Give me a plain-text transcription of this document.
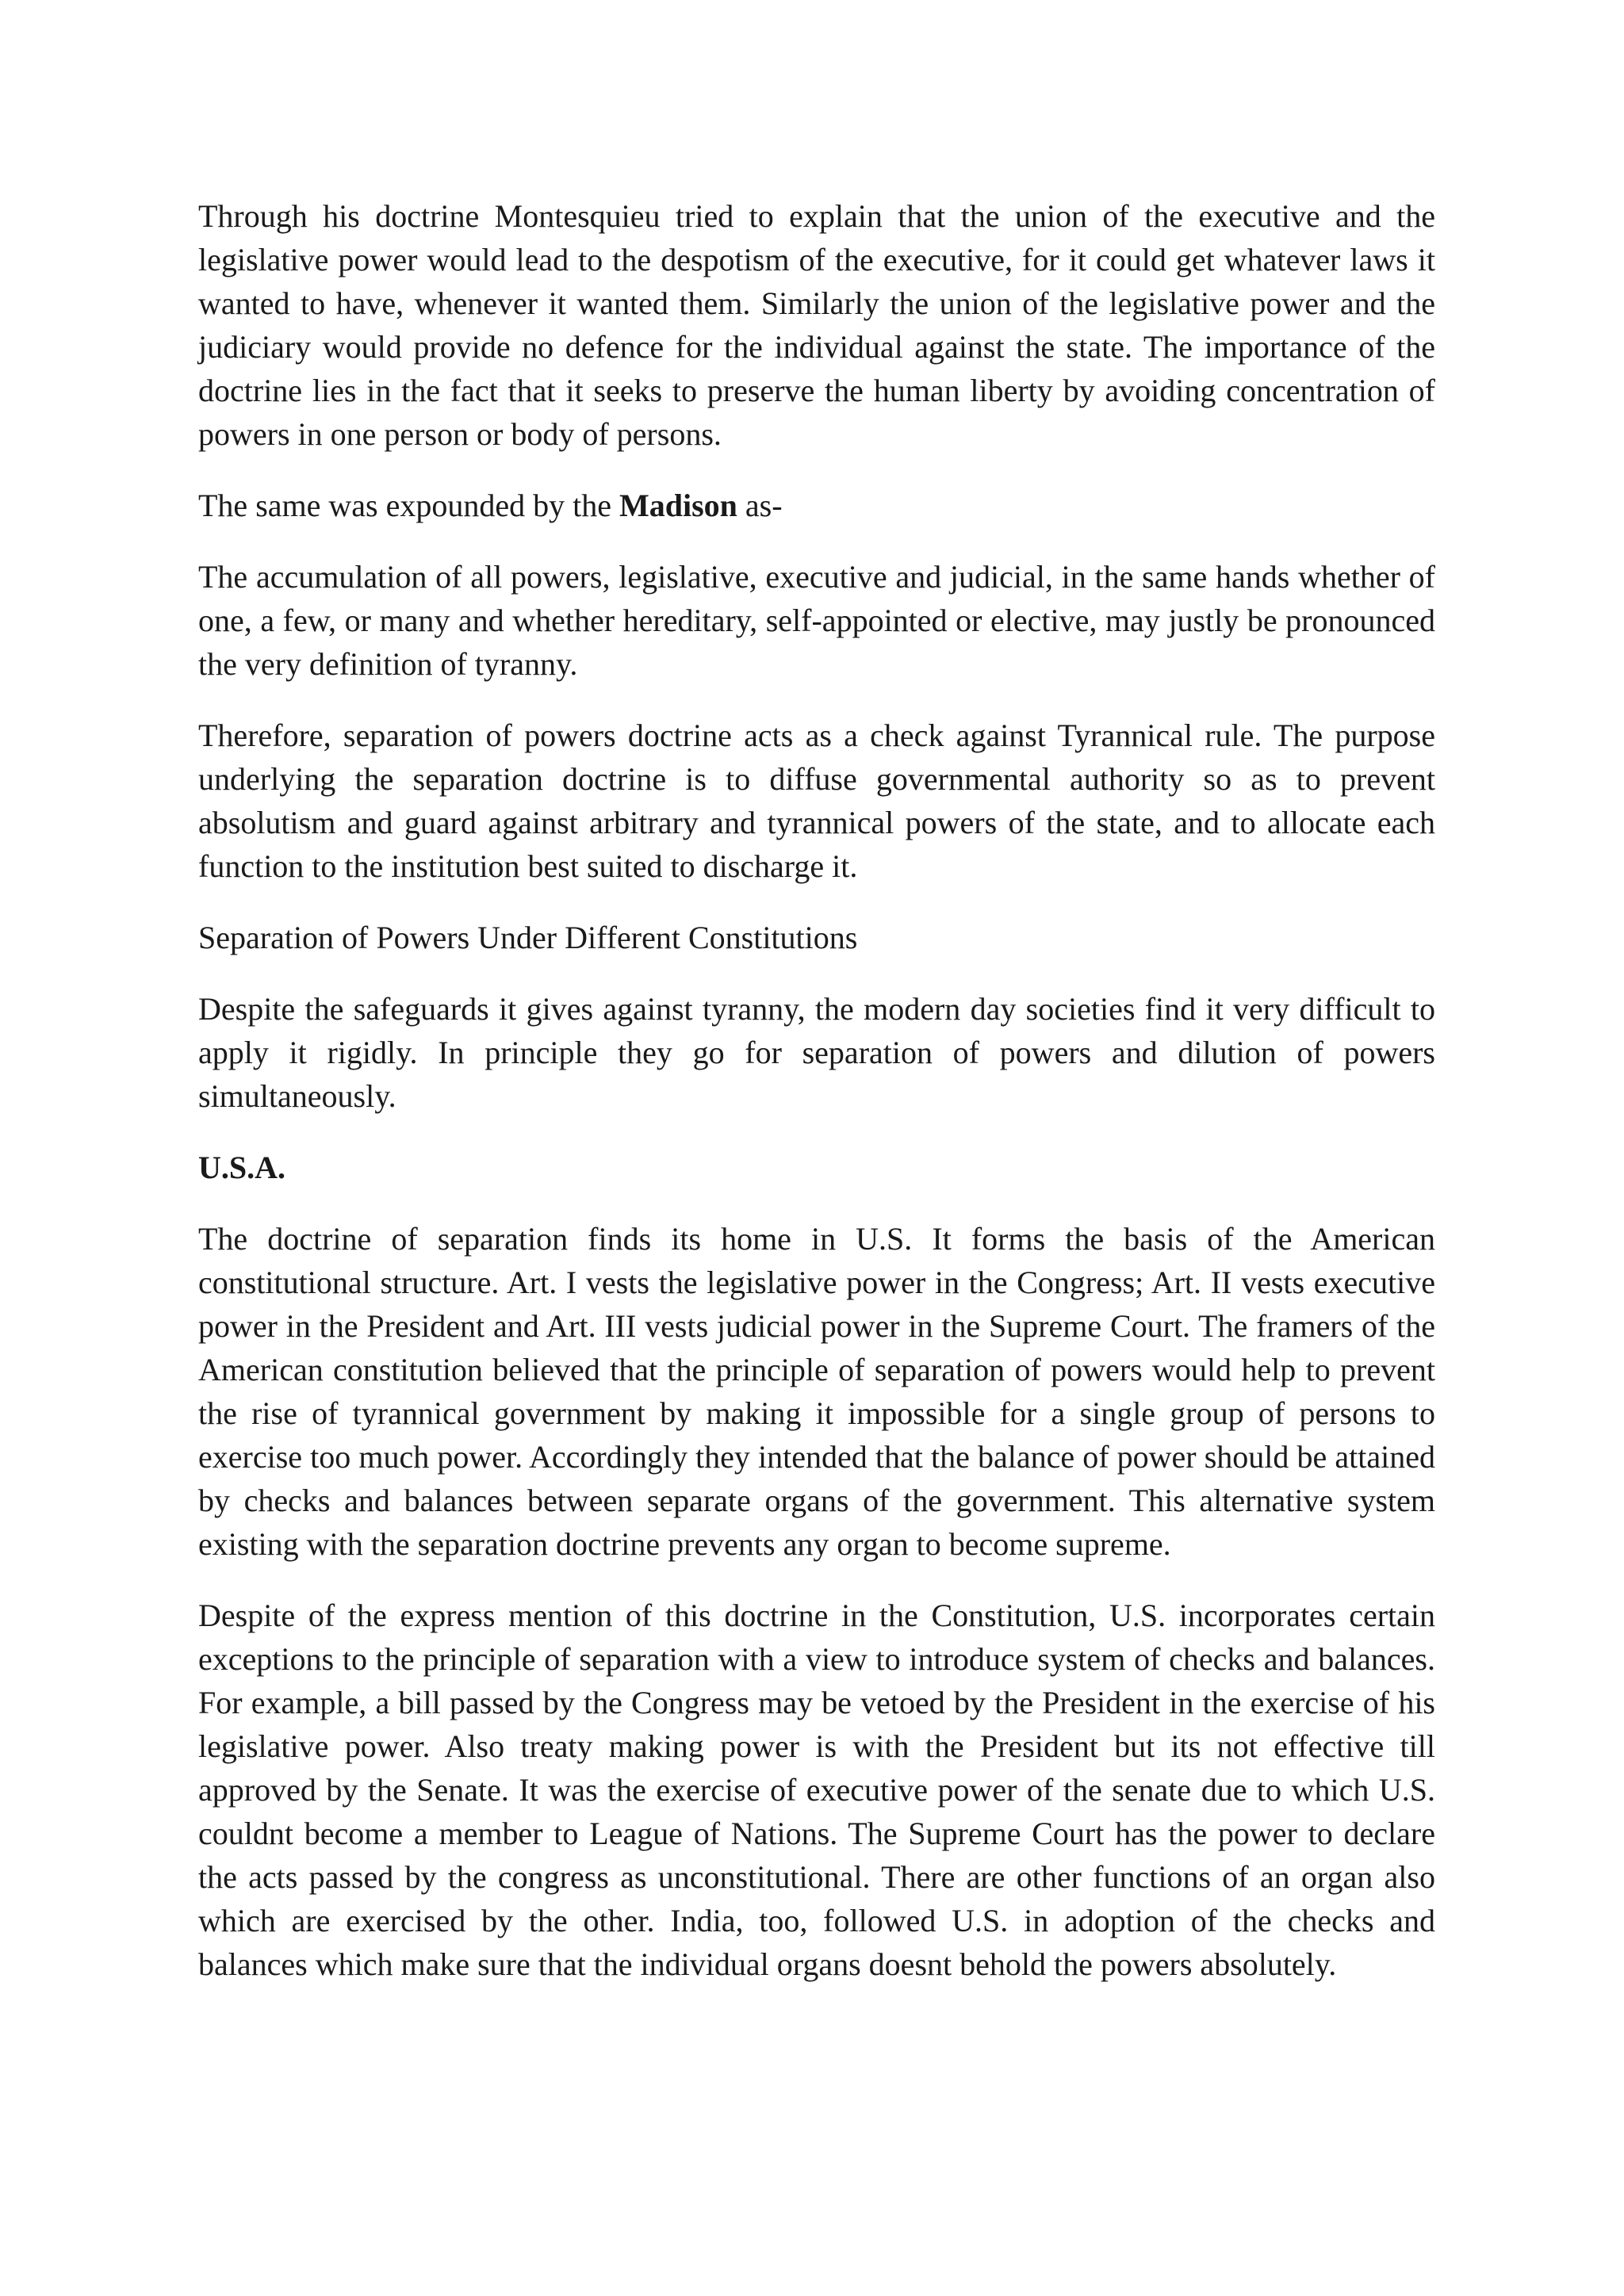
Through his doctrine Montesquieu tried to explain that the union of the executive and the legislative power would lead to the despotism of the executive, for it could get whatever laws it wanted to have, whenever it wanted them. Similarly the union of the legislative power and the judiciary would provide no defence for the individual against the state. The importance of the doctrine lies in the fact that it seeks to preserve the human liberty by avoiding concentration of powers in one person or body of persons.

The same was expounded by the Madison as-

The accumulation of all powers, legislative, executive and judicial, in the same hands whether of one, a few, or many and whether hereditary, self-appointed or elective, may justly be pronounced the very definition of tyranny.

Therefore, separation of powers doctrine acts as a check against Tyrannical rule. The purpose underlying the separation doctrine is to diffuse governmental authority so as to prevent absolutism and guard against arbitrary and tyrannical powers of the state, and to allocate each function to the institution best suited to discharge it.

Separation of Powers Under Different Constitutions

Despite the safeguards it gives against tyranny, the modern day societies find it very difficult to apply it rigidly. In principle they go for separation of powers and dilution of powers simultaneously.

U.S.A.

The doctrine of separation finds its home in U.S. It forms the basis of the American constitutional structure. Art. I vests the legislative power in the Congress; Art. II vests executive power in the President and Art. III vests judicial power in the Supreme Court. The framers of the American constitution believed that the principle of separation of powers would help to prevent the rise of tyrannical government by making it impossible for a single group of persons to exercise too much power. Accordingly they intended that the balance of power should be attained by checks and balances between separate organs of the government. This alternative system existing with the separation doctrine prevents any organ to become supreme.

Despite of the express mention of this doctrine in the Constitution, U.S. incorporates certain exceptions to the principle of separation with a view to introduce system of checks and balances. For example, a bill passed by the Congress may be vetoed by the President in the exercise of his legislative power. Also treaty making power is with the President but its not effective till approved by the Senate. It was the exercise of executive power of the senate due to which U.S. couldnt become a member to League of Nations. The Supreme Court has the power to declare the acts passed by the congress as unconstitutional. There are other functions of an organ also which are exercised by the other. India, too, followed U.S. in adoption of the checks and balances which make sure that the individual organs doesnt behold the powers absolutely.
